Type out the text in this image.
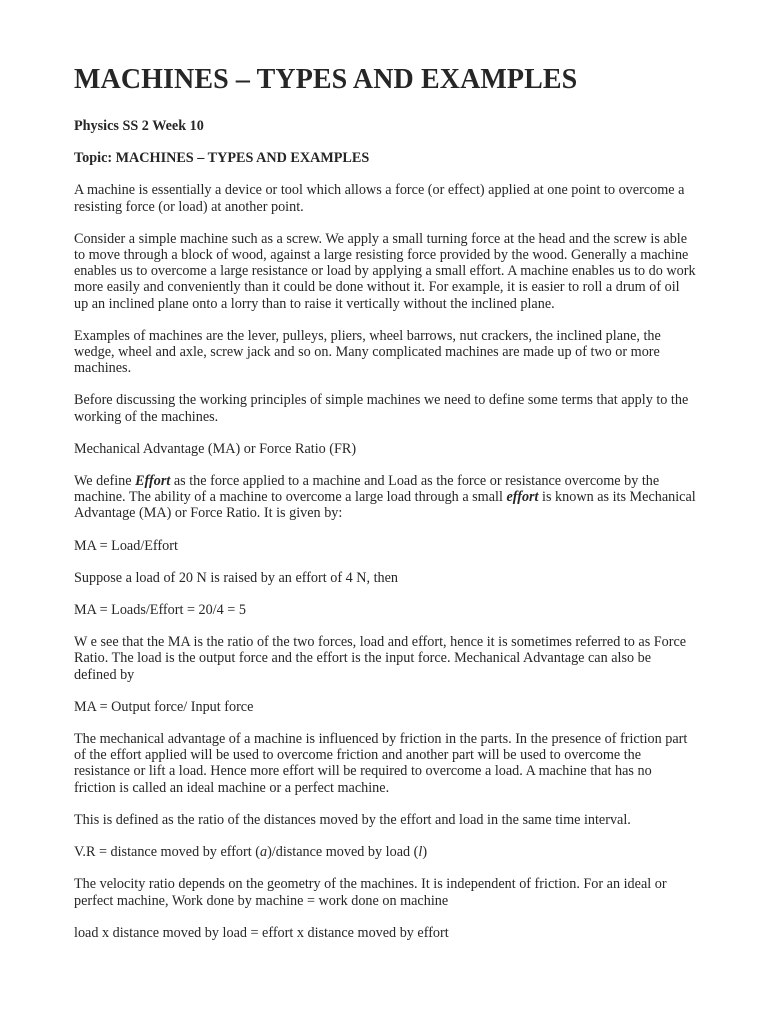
MACHINES – TYPES AND EXAMPLES
Physics SS 2 Week 10
Topic: MACHINES – TYPES AND EXAMPLES

A machine is essentially a device or tool which allows a force (or effect) applied at one point to overcome a resisting force (or load) at another point.

Consider a simple machine such as a screw. We apply a small turning force at the head and the screw is able to move through a block of wood, against a large resisting force provided by the wood. Generally a machine enables us to overcome a large resistance or load by applying a small effort. A machine enables us to do work more easily and conveniently than it could be done without it. For example, it is easier to roll a drum of oil up an inclined plane onto a lorry than to raise it vertically without the inclined plane.

Examples of machines are the lever, pulleys, pliers, wheel barrows, nut crackers, the inclined plane, the wedge, wheel and axle, screw jack and so on. Many complicated machines are made up of two or more machines.

Before discussing the working principles of simple machines we need to define some terms that apply to the working of the machines.

Mechanical Advantage (MA) or Force Ratio (FR)

We define Effort as the force applied to a machine and Load as the force or resistance overcome by the machine. The ability of a machine to overcome a large load through a small effort is known as its Mechanical Advantage (MA) or Force Ratio. It is given by:

MA = Load/Effort

Suppose a load of 20 N is raised by an effort of 4 N, then

MA = Loads/Effort = 20/4 = 5

W e see that the MA is the ratio of the two forces, load and effort, hence it is sometimes referred to as Force Ratio. The load is the output force and the effort is the input force. Mechanical Advantage can also be defined by

MA = Output force/ Input force

The mechanical advantage of a machine is influenced by friction in the parts. In the presence of friction part of the effort applied will be used to overcome friction and another part will be used to overcome the resistance or lift a load. Hence more effort will be required to overcome a load. A machine that has no friction is called an ideal machine or a perfect machine.

This is defined as the ratio of the distances moved by the effort and load in the same time interval.

V.R = distance moved by effort (a)/distance moved by load (l)

The velocity ratio depends on the geometry of the machines. It is independent of friction. For an ideal or perfect machine, Work done by machine = work done on machine

load x distance moved by load = effort x distance moved by effort
